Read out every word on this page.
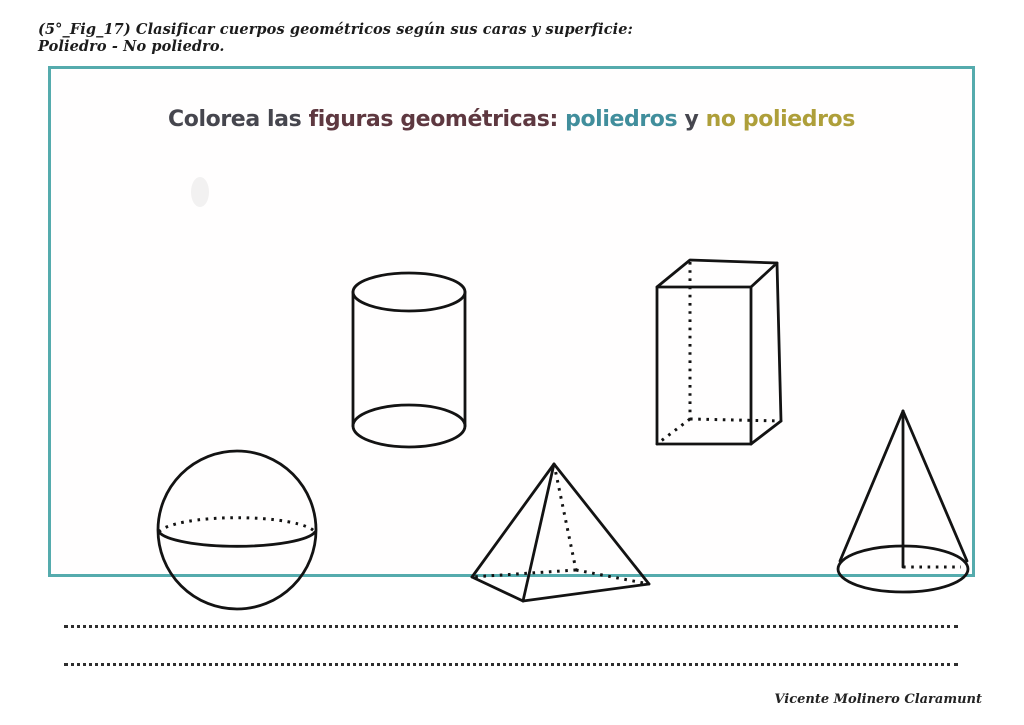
(5°_Fig_17) Clasificar cuerpos geométricos según sus caras y superficie: Poliedro - No poliedro.
Colorea las figuras geométricas: poliedros y no poliedros
Vicente Molinero Claramunt
